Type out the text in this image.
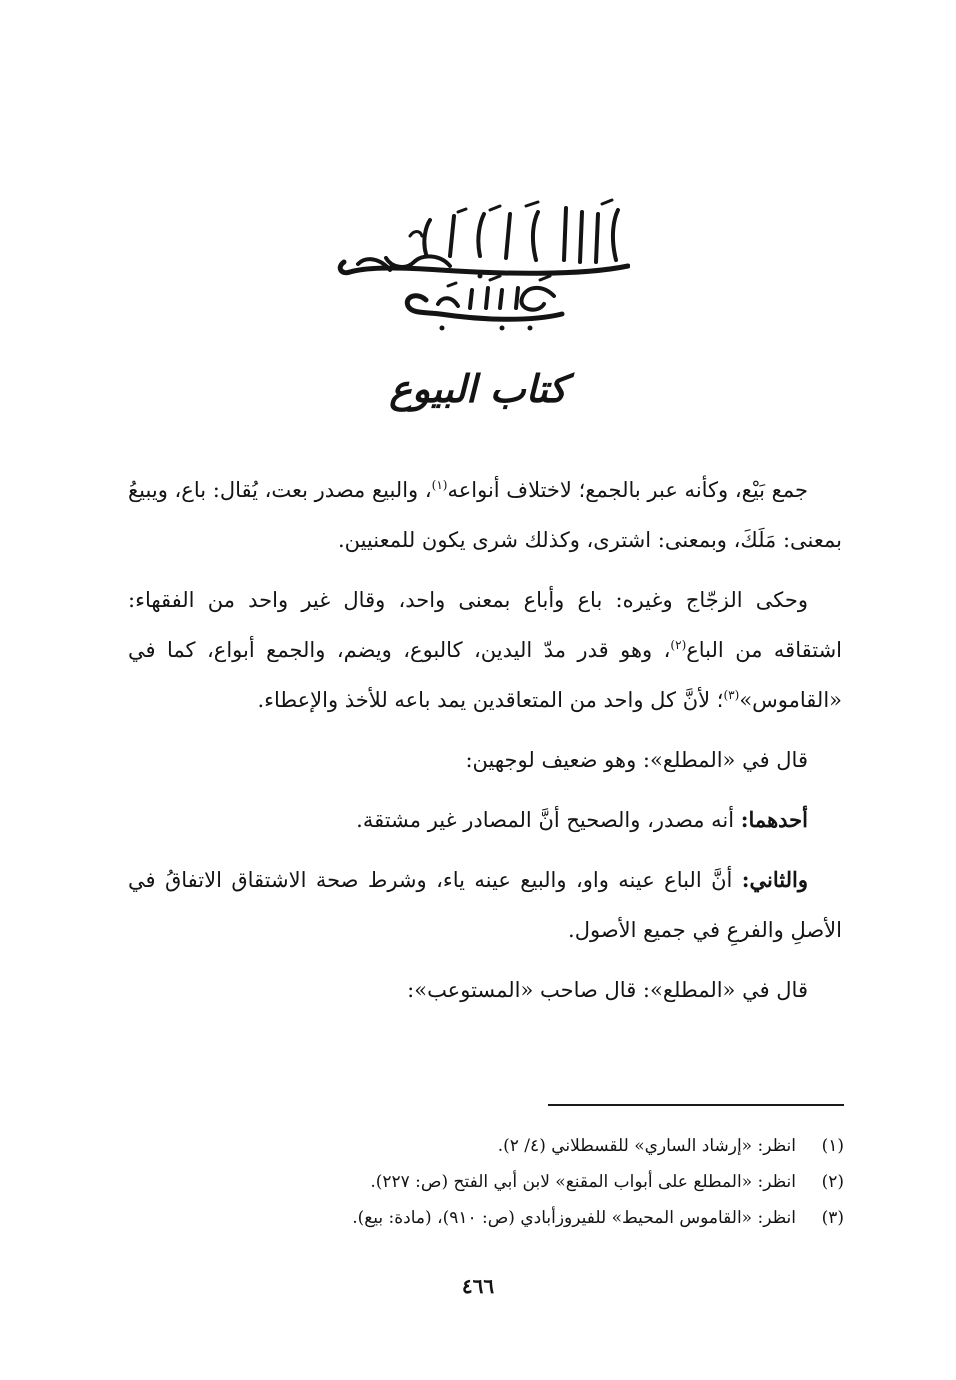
كتاب البيوع

جمع بَيْع، وكأنه عبر بالجمع؛ لاختلاف أنواعه$^{(١)}$، والبيع مصدر بعت، يُقال: باع، ويبيعُ بمعنى: مَلَكَ، وبمعنى: اشترى، وكذلك شرى يكون للمعنيين.

وحكى الزجّاج وغيره: باع وأباع بمعنى واحد، وقال غير واحد من الفقهاء: اشتقاقه من الباع$^{(٢)}$، وهو قدر مدّ اليدين، كالبوع، ويضم، والجمع أبواع، كما في «القاموس»$^{(٣)}$؛ لأنَّ كل واحد من المتعاقدين يمد باعه للأخذ والإعطاء.

قال في «المطلع»: وهو ضعيف لوجهين:

أحدهما: أنه مصدر، والصحيح أنَّ المصادر غير مشتقة.

والثاني: أنَّ الباع عينه واو، والبيع عينه ياء، وشرط صحة الاشتقاق الاتفاقُ في الأصلِ والفرعِ في جميع الأصول.

قال في «المطلع»: قال صاحب «المستوعب»:

(١)انظر: «إرشاد الساري» للقسطلاني (٤/ ٢).
(٢)انظر: «المطلع على أبواب المقنع» لابن أبي الفتح (ص: ٢٢٧).
(٣)انظر: «القاموس المحيط» للفيروزأبادي (ص: ٩١٠)، (مادة: بيع).
٤٦٦
